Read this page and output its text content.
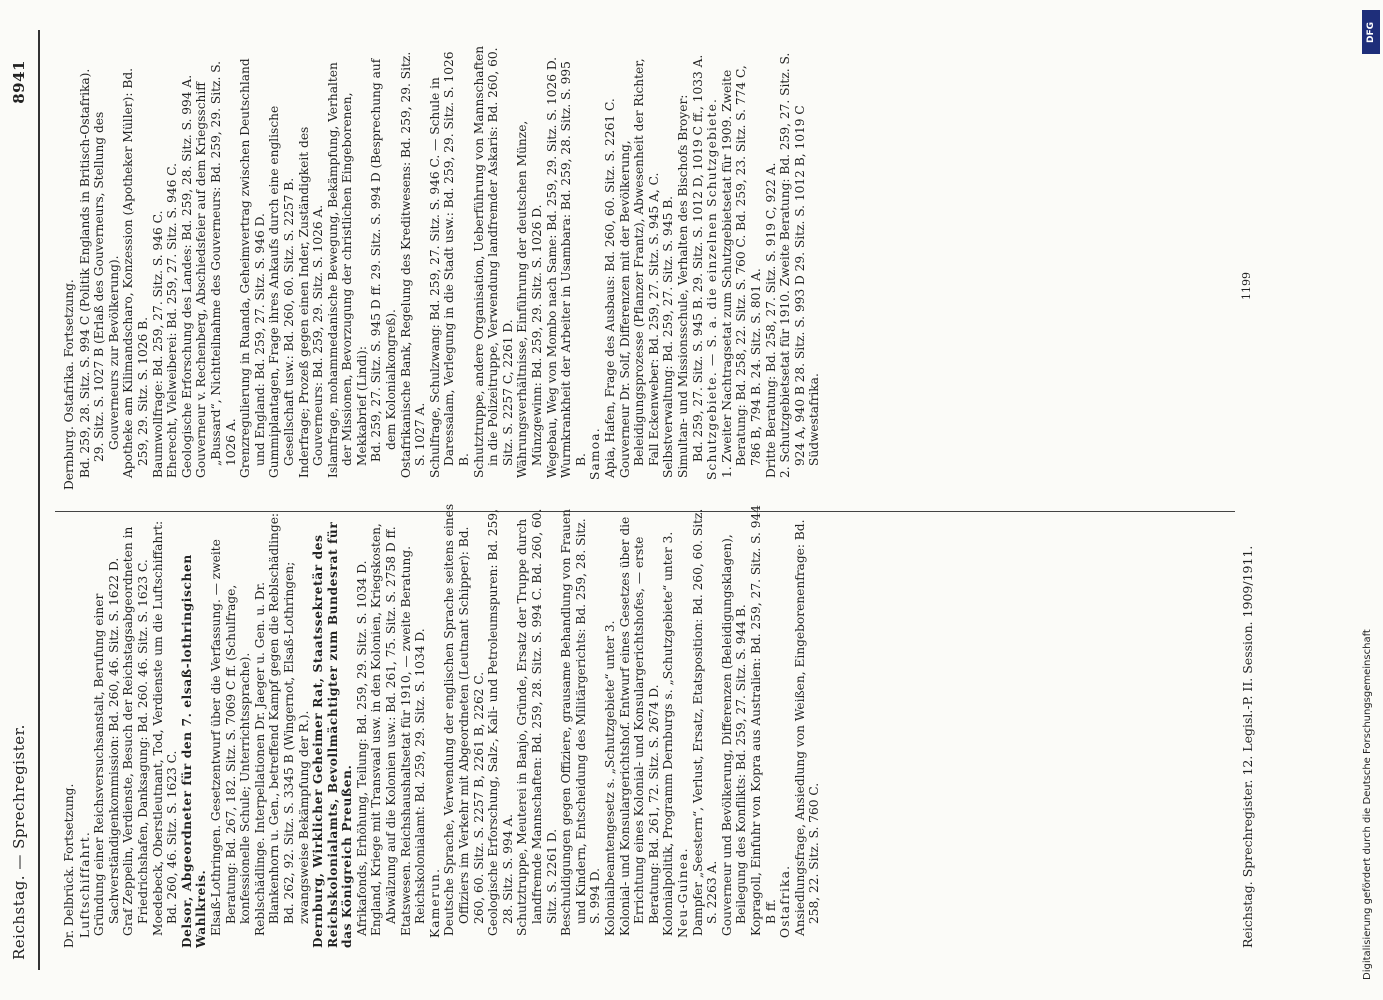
Reichstag. — Sprechregister.
8941
Dr. Delbrück. Fortsetzung. Luftschiffahrt. Gründung einer Reichsversuchsanstalt, Berufung einer Sachverständigenkommission: Bd. 260, 46. Sitz. S. 1622 D. Graf Zeppelin, Verdienste, Besuch der Reichstagsabgeordneten in Friedrichshafen, Danksagung: Bd. 260. 46. Sitz. S. 1623 C. Moedebeck, Oberstleutnant, Tod, Verdienste um die Luftschiffahrt: Bd. 260, 46. Sitz. S. 1623 C. Delsor, Abgeordneter für den 7. elsaß-lothringischen Wahlkreis. Elsaß-Lothringen. Gesetzentwurf über die Verfassung. — zweite Beratung: Bd. 267, 182. Sitz. S. 7069 C ff. (Schulfrage, konfessionelle Schule; Unterrichtssprache). Reblschädlinge. Interpellationen Dr. Jaeger u. Gen. u. Dr. Blankenhorn u. Gen., betreffend Kampf gegen die Reblschädlinge: Bd. 262, 92. Sitz. S. 3345 B (Wingernot, Elsaß-Lothringen; zwangsweise Bekämpfung der R.). Dernburg, Wirklicher Geheimer Rat, Staatssekretär des Reichskolonialamts, Bevollmächtigter zum Bundesrat für das Königreich Preußen. Afrikafonds, Erhöhung, Teilung: Bd. 259, 29. Sitz. S. 1034 D. England, Kriege mit Transvaal usw. in den Kolonien, Kriegskosten, Abwälzung auf die Kolonien usw.: Bd. 261, 75. Sitz. S. 2758 D ff. Etatswesen. Reichshaushaltsetat für 1910, — zweite Beratung. Reichskolonialamt: Bd. 259, 29. Sitz. S. 1034 D. Kamerun. Deutsche Sprache, Verwendung der englischen Sprache seitens eines Offiziers im Verkehr mit Abgeordneten (Leutnant Schipper): Bd. 260, 60. Sitz. S. 2257 B, 2261 B, 2262 C. Geologische Erforschung, Salz-, Kali- und Petroleumspuren: Bd. 259, 28. Sitz. S. 994 A. Schutztruppe, Meuterei in Banjo, Gründe, Ersatz der Truppe durch landfremde Mannschaften: Bd. 259, 28. Sitz. S. 994 C. Bd. 260, 60. Sitz. S. 2261 D. Beschuldigungen gegen Offiziere, grausame Behandlung von Frauen und Kindern, Entscheidung des Militärgerichts: Bd. 259, 28. Sitz. S. 994 D. Kolonialbeamtengesetz s. „Schutzgebiete“ unter 3. Kolonial- und Konsulargerichtshof. Entwurf eines Gesetzes über die Errichtung eines Kolonial- und Konsulargerichtshofes, — erste Beratung: Bd. 261, 72. Sitz. S. 2674 D. Kolonialpolitik, Programm Dernburgs s. „Schutzgebiete“ unter 3. Neu-Guinea. Dampfer „Seestern“, Verlust, Ersatz, Etatsposition: Bd. 260, 60. Sitz. S. 2263 A. Gouverneur und Bevölkerung, Differenzen (Beleidigungsklagen), Beilegung des Konflikts: Bd. 259, 27. Sitz. S. 944 B. Kopragoll, Einfuhr von Kopra aus Australien: Bd. 259, 27. Sitz. S. 944 B ff. Ostafrika. Ansiedlungsfrage, Ansiedlung von Weißen, Eingeborenenfrage: Bd. 258, 22. Sitz. S. 760 C.
Dernburg. Ostafrika. Fortsetzung. Bd. 259, 28. Sitz. S. 994 C (Politik Englands in Britisch-Ostafrika). 29. Sitz. S. 1027 B (Erlaß des Gouverneurs, Stellung des Gouverneurs zur Bevölkerung). Apotheke am Kilimandscharo, Konzession (Apotheker Müller): Bd. 259, 29. Sitz. S. 1026 B. Baumwollfrage: Bd. 259, 27. Sitz. S. 946 C. Eherecht, Vielweiberei: Bd. 259, 27. Sitz. S. 946 C. Geologische Erforschung des Landes: Bd. 259, 28. Sitz. S. 994 A. Gouverneur v. Rechenberg, Abschiedsfeier auf dem Kriegsschiff „Bussard“, Nichtteilnahme des Gouverneurs: Bd. 259, 29. Sitz. S. 1026 A. Grenzregulierung in Ruanda, Geheimvertrag zwischen Deutschland und England: Bd. 259, 27. Sitz. S. 946 D. Gummiplantagen, Frage ihres Ankaufs durch eine englische Gesellschaft usw.: Bd. 260, 60. Sitz. S. 2257 B. Inderfrage; Prozeß gegen einen Inder, Zuständigkeit des Gouverneurs: Bd. 259, 29. Sitz. S. 1026 A. Islamfrage, mohammedanische Bewegung, Bekämpfung, Verhalten der Missionen, Bevorzugung der christlichen Eingeborenen, Mekkabrief (Lindi): Bd. 259, 27. Sitz. S. 945 D ff. 29. Sitz. S. 994 D (Besprechung auf dem Kolonialkongreß). Ostafrikanische Bank, Regelung des Kreditwesens: Bd. 259, 29. Sitz. S. 1027 A. Schulfrage, Schulzwang: Bd. 259, 27. Sitz. S. 946 C. — Schule in Daressalam, Verlegung in die Stadt usw.: Bd. 259, 29. Sitz. S. 1026 B. Schutztruppe, andere Organisation, Ueberführung von Mannschaften in die Polizeitruppe, Verwendung landfremder Askaris: Bd. 260, 60. Sitz. S. 2257 C, 2261 D. Währungsverhältnisse, Einführung der deutschen Münze, Münzgewinn: Bd. 259, 29. Sitz. S. 1026 D. Wegebau, Weg von Mombo nach Same: Bd. 259, 29. Sitz. S. 1026 D. Wurmkrankheit der Arbeiter in Usambara: Bd. 259, 28. Sitz. S. 995 B. Samoa. Apia, Hafen, Frage des Ausbaus: Bd. 260, 60. Sitz. S. 2261 C. Gouverneur Dr. Solf, Differenzen mit der Bevölkerung, Beleidigungsprozesse (Pflanzer Frantz), Abwesenheit der Richter, Fall Eckenweber: Bd. 259, 27. Sitz. S. 945 A, C. Selbstverwaltung: Bd. 259, 27. Sitz. S. 945 B. Simultan- und Missionsschule, Verhalten des Bischofs Broyer: Bd. 259, 27. Sitz. S. 945 B. 29. Sitz. S. 1012 D, 1019 C ff., 1033 A. Schutzgebiete. — S. a. die einzelnen Schutzgebiete. 1. Zweiter Nachtragsetat zum Schutzgebietsetat für 1909. Zweite Beratung: Bd. 258, 22. Sitz. S. 760 C. Bd. 259, 23. Sitz. S. 774 C, 786 B, 794 B. 24. Sitz. S. 801 A. Dritte Beratung: Bd. 258, 27. Sitz. S. 919 C, 922 A. 2. Schutzgebietsetat für 1910. Zweite Beratung: Bd. 259, 27. Sitz. S. 924 A, 940 B 28. Sitz. S. 993 D 29. Sitz. S. 1012 B, 1019 C Südwestafrika.
Reichstag. Sprechregister. 12. Legisl.-P. II. Session. 1909/1911.
1199
DFG
Digitalisierung gefördert durch die Deutsche Forschungsgemeinschaft
